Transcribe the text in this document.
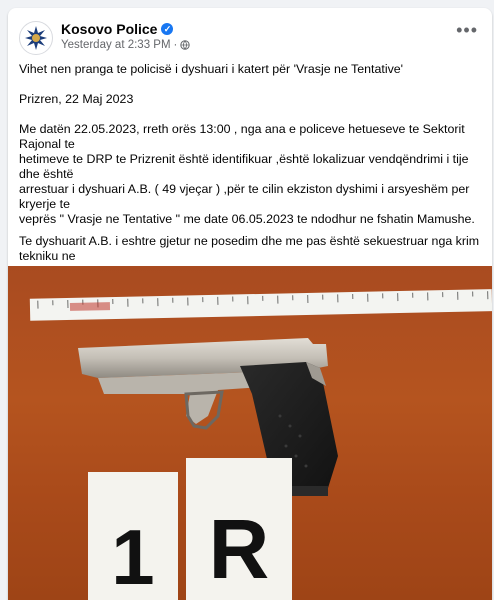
Kosovo Police ✓
Yesterday at 2:33 PM ·
•••

Vihet nen pranga te policisë i dyshuari i katert për 'Vrasje ne Tentative'

Prizren, 22 Maj 2023

Me datën 22.05.2023, rreth orës 13:00 , nga ana e policeve hetueseve te Sektorit Rajonal te

hetimeve te DRP te Prizrenit është identifikuar ,është lokalizuar vendqëndrimi i tije dhe është

arrestuar i dyshuari A.B. ( 49 vjeçar ) ,për te cilin ekziston dyshimi i arsyeshëm per kryerje te

veprës " Vrasje ne Tentative " me date 06.05.2023 te ndodhur ne fshatin Mamushe.

Te dyshuarit A.B. i eshtre gjetur ne posedim dhe me pas është sekuestruar nga krim tekniku ne

1 R
